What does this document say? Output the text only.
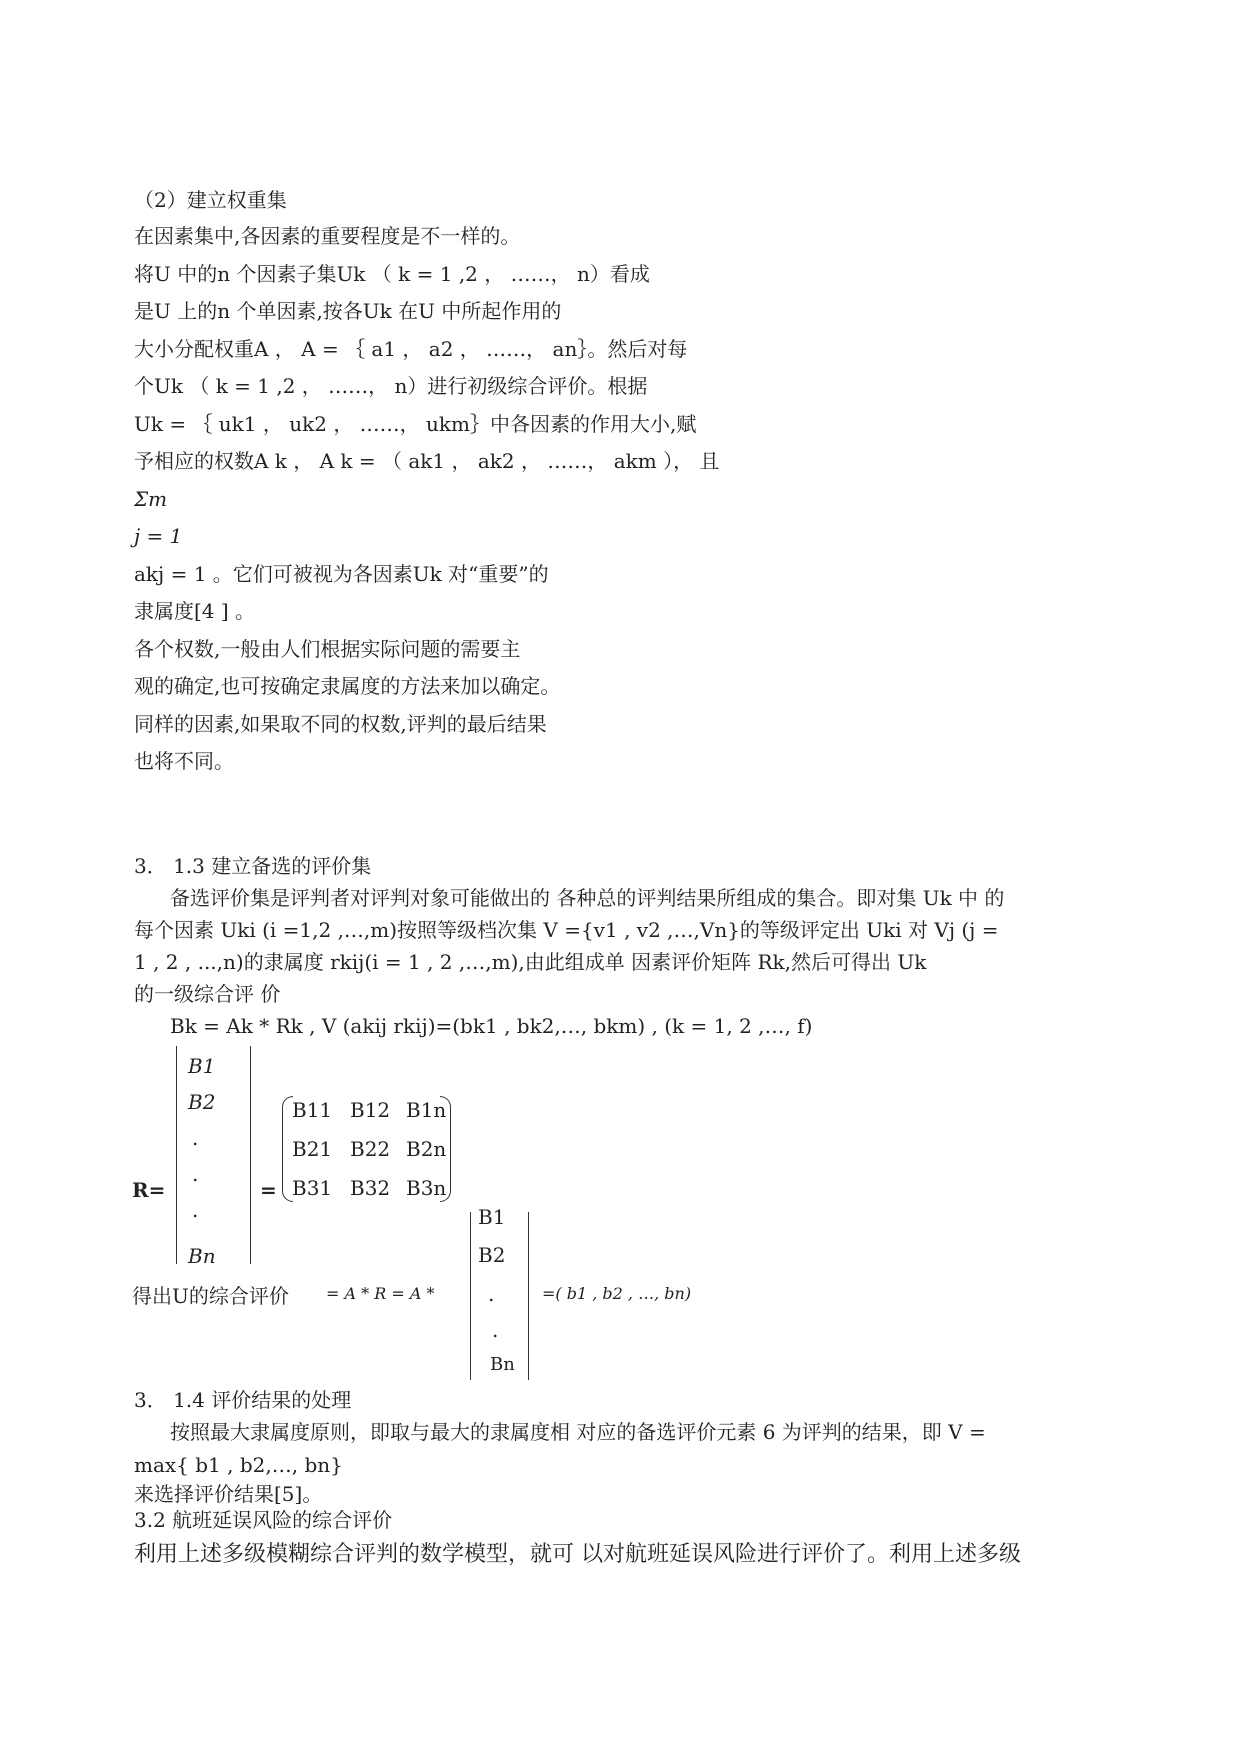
（2）建立权重集
在因素集中,各因素的重要程度是不一样的。
将U 中的n 个因素子集Uk （ k = 1 ,2 ， ……， n）看成
是U 上的n 个单因素,按各Uk 在U 中所起作用的
大小分配权重A ， A = ｛ a1 ， a2 ， ……， an｝。然后对每
个Uk （ k = 1 ,2 ， ……， n）进行初级综合评价。根据
Uk = ｛ uk1 ， uk2 ， ……， ukm｝中各因素的作用大小,赋
予相应的权数A k ， A k = （ ak1 ， ak2 ， ……， akm ）， 且
Σm
j = 1
akj = 1 。它们可被视为各因素Uk 对“重要”的
隶属度[4 ] 。
各个权数,一般由人们根据实际问题的需要主
观的确定,也可按确定隶属度的方法来加以确定。
同样的因素,如果取不同的权数,评判的最后结果
也将不同。
3． 1.3 建立备选的评价集
备选评价集是评判者对评判对象可能做出的 各种总的评判结果所组成的集合。即对集 Uk 中 的
每个因素 Uki (i =1,2 ,…,m)按照等级档次集 V ={v1 , v2 ,…,Vn}的等级评定出 Uki 对 Vj (j =
1 , 2 , ...,n)的隶属度 rkij(i = 1 , 2 ,…,m),由此组成单 因素评价矩阵 Rk,然后可得出 Uk
的一级综合评 价
Bk = Ak * Rk , V (akij rkij)=(bk1 , bk2,…, bkm) , (k = 1, 2 ,…, f)
R=
B1
B2
.
.
.
Bn
=
B11 B12 B1n
B21 B22 B2n
B31 B32 B3n
B1
B2
.
.
Bn
得出U的综合评价 = A * R = A *	=( b1 , b2 , …, bn)
3． 1.4 评价结果的处理
按照最大隶属度原则，即取与最大的隶属度相 对应的备选评价元素 6 为评判的结果，即 V =
max{ b1 , b2,…, bn}
来选择评价结果[5]。
3.2 航班延误风险的综合评价
利用上述多级模糊综合评判的数学模型，就可 以对航班延误风险进行评价了。利用上述多级
